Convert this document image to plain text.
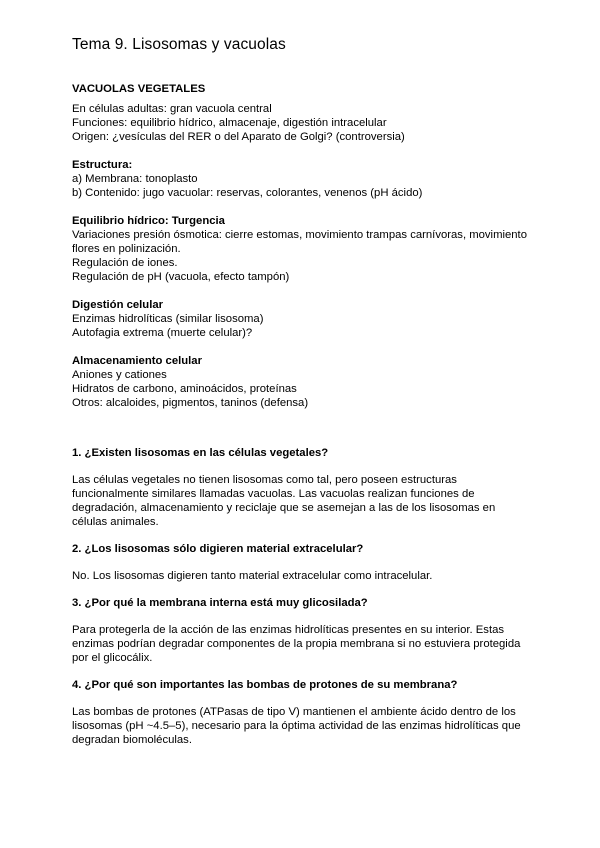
Tema 9. Lisosomas y vacuolas

VACUOLAS VEGETALES

En células adultas: gran vacuola central

Funciones: equilibrio hídrico, almacenaje, digestión intracelular

Origen: ¿vesículas del RER o del Aparato de Golgi? (controversia)

Estructura:

a) Membrana: tonoplasto

b) Contenido: jugo vacuolar: reservas, colorantes, venenos (pH ácido)

Equilibrio hídrico: Turgencia

Variaciones presión ósmotica: cierre estomas, movimiento trampas carnívoras, movimiento flores en polinización.

Regulación de iones.

Regulación de pH (vacuola, efecto tampón)

Digestión celular

Enzimas hidrolíticas (similar lisosoma)

Autofagia extrema (muerte celular)?

Almacenamiento celular

Aniones y cationes

Hidratos de carbono, aminoácidos, proteínas

Otros: alcaloides, pigmentos, taninos (defensa)

1. ¿Existen lisosomas en las células vegetales?

Las células vegetales no tienen lisosomas como tal, pero poseen estructuras funcionalmente similares llamadas vacuolas. Las vacuolas realizan funciones de degradación, almacenamiento y reciclaje que se asemejan a las de los lisosomas en células animales.

2. ¿Los lisosomas sólo digieren material extracelular?

No. Los lisosomas digieren tanto material extracelular como intracelular.

3. ¿Por qué la membrana interna está muy glicosilada?

Para protegerla de la acción de las enzimas hidrolíticas presentes en su interior. Estas enzimas podrían degradar componentes de la propia membrana si no estuviera protegida por el glicocálix.

4. ¿Por qué son importantes las bombas de protones de su membrana?

Las bombas de protones (ATPasas de tipo V) mantienen el ambiente ácido dentro de los lisosomas (pH ~4.5–5), necesario para la óptima actividad de las enzimas hidrolíticas que degradan biomoléculas.
